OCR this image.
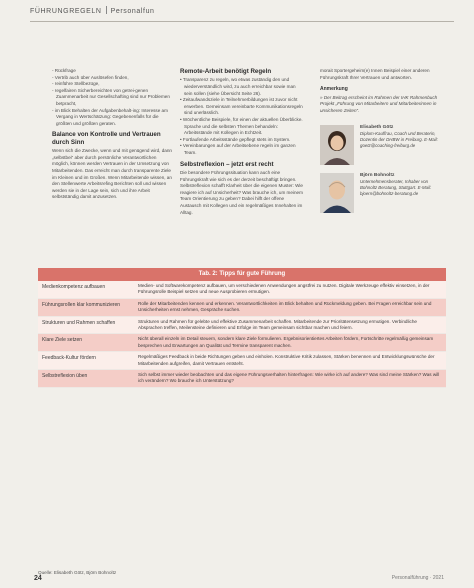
FÜHRUNGREGELN Personalfun
- Rückfrage
- Vertrib auch über Auslösefen finden,
- reinführe Stellbezüge,
- regelfairen Sicherbereichten von getrei-genen Zuammenarbeit nur Gesellschafting sind nur Problemen betpracht,
- im Blick Behalten der Aufgabenbehalt-ing: Interesse am Vergang in Wertschätzung: Gegebenenfalls für die größten und größten geraten.
Balance von Kontrolle und Vertrauen durch Sinn

Wenn sich die Zwecke, wenn und mit genügend wird, dann „selbstbei“ aber durch persönliche Verantwortlichen möglich, können werden Vertrauen in der Umsetzung von Mitarbeitenden. Das erreicht man durch transparente Ziele im Kleinen und im Großen. Wenn Mitarbeitende wissen, an den Stellenwerte Arbeitsrefing Berichten soll und wissen werden sie in der Lage sein, sich und ihre Arbeit selbstständig damit anzusetzen.

Remote-Arbeit benötigt Regeln
• Transparenz zu regeln, wo etwas zuständig den und wiederverständlich wird, zu auch erreichbar sowie man sein sollen (siehe Übersicht Seite 26).
• Zeitaufwandsziele in Teilnehmerbildungen ist zuvor nicht erwerben. Gemeinsam vereinbarte Kommunikationsregeln sind unerlässlich.
• Wöchentliche Beispiele, für einen der aktuellen Überblicke. Sprache und die selbsten Themen behandeln: Arbeitsstände mit Kollegen in Echtzeit.
• Fortlaufende Arbeitsstände gepflegt stets im System.
• Vereinbarungen auf der Arbeitsebene regeln im ganzen Team.
Selbstreflexion – jetzt erst recht

Die besondere Führungssituation kann auch eine Führungskraft wie sich es der derzeit beschäftigt bringen. Selbstreflexion schafft Klarheit über die eigenen Muster: Wie reagiere ich auf Unsicherheit? Was brauche ich, um meinem Team Orientierung zu geben? Dabei hilft der offene Austausch mit Kollegen und ein regelmäßiges Innehalten im Alltag.

morait Sportergeheim(e) Innen Beispiel einer anderen Führungskraft Ihrer Vertrauen und antworten.

Anmerkung

» Der Beitrag erscheint im Rahmen der IHK Rahmenbuch Projekt „Führung von Mitarbeitern und Mitarbeiterinnen in unsicheren Zeiten“.

Elisabeth Götz
Diplom-Kauffrau, Coach und Beraterin, Dozentin der DHBW in Freiburg. E-Mail: goetz@coaching-freiburg.de
Björn Bohnoltz
Unternehmensberater, Inhaber von Bohnoltz Beratung, Stuttgart. E-Mail: bjoern@bohnoltz-beratung.de
Tab. 2: Tipps für gute Führung
Medienkompetenz aufbauen	Medien- und Softwarekompetenz aufbauen, um verschiedenen Anwendungen angstfrei zu nutzen. Digitale Werkzeuge effektiv einsetzen, in der Führungsrolle Beispiel setzen und neue Ausprobieren ermutigen.
Führungsrollen klar kommunizieren	Rolle der Mitarbeitenden kennen und erkennen. Verantwortlichkeiten im Blick behalten und Rückmeldung geben. Bei Fragen erreichbar sein und Unsicherheiten ernst nehmen, Gespräche suchen.
Strukturen und Rahmen schaffen	Strukturen und Rahmen für gelebte und effektive Zusammenarbeit schaffen. Mitarbeitende zur Prioritätensetzung ermutigen. Verbindliche Absprachen treffen, Meilensteine definieren und Erfolge im Team gemeinsam sichtbar machen und feiern.
Klare Ziele setzen	Nicht überall einzeln im Detail steuern, sondern klare Ziele formulieren. Ergebnisorientiertes Arbeiten fördern, Fortschritte regelmäßig gemeinsam besprechen und Erwartungen an Qualität und Termine transparent machen.
Feedback-Kultur fördern	Regelmäßiges Feedback in beide Richtungen geben und einholen. Konstruktive Kritik zulassen, Stärken benennen und Entwicklungswünsche der Mitarbeitenden aufgreifen, damit Vertrauen entsteht.
Selbstreflexion üben	Sich selbst immer wieder beobachten und das eigene Führungsverhalten hinterfragen: Wie wirke ich auf andere? Was sind meine Stärken? Was will ich verändern? Wo brauche ich Unterstützung?
Quelle: Elisabeth Götz, Björn Bohnoltz
24	Personalführung · 2021
